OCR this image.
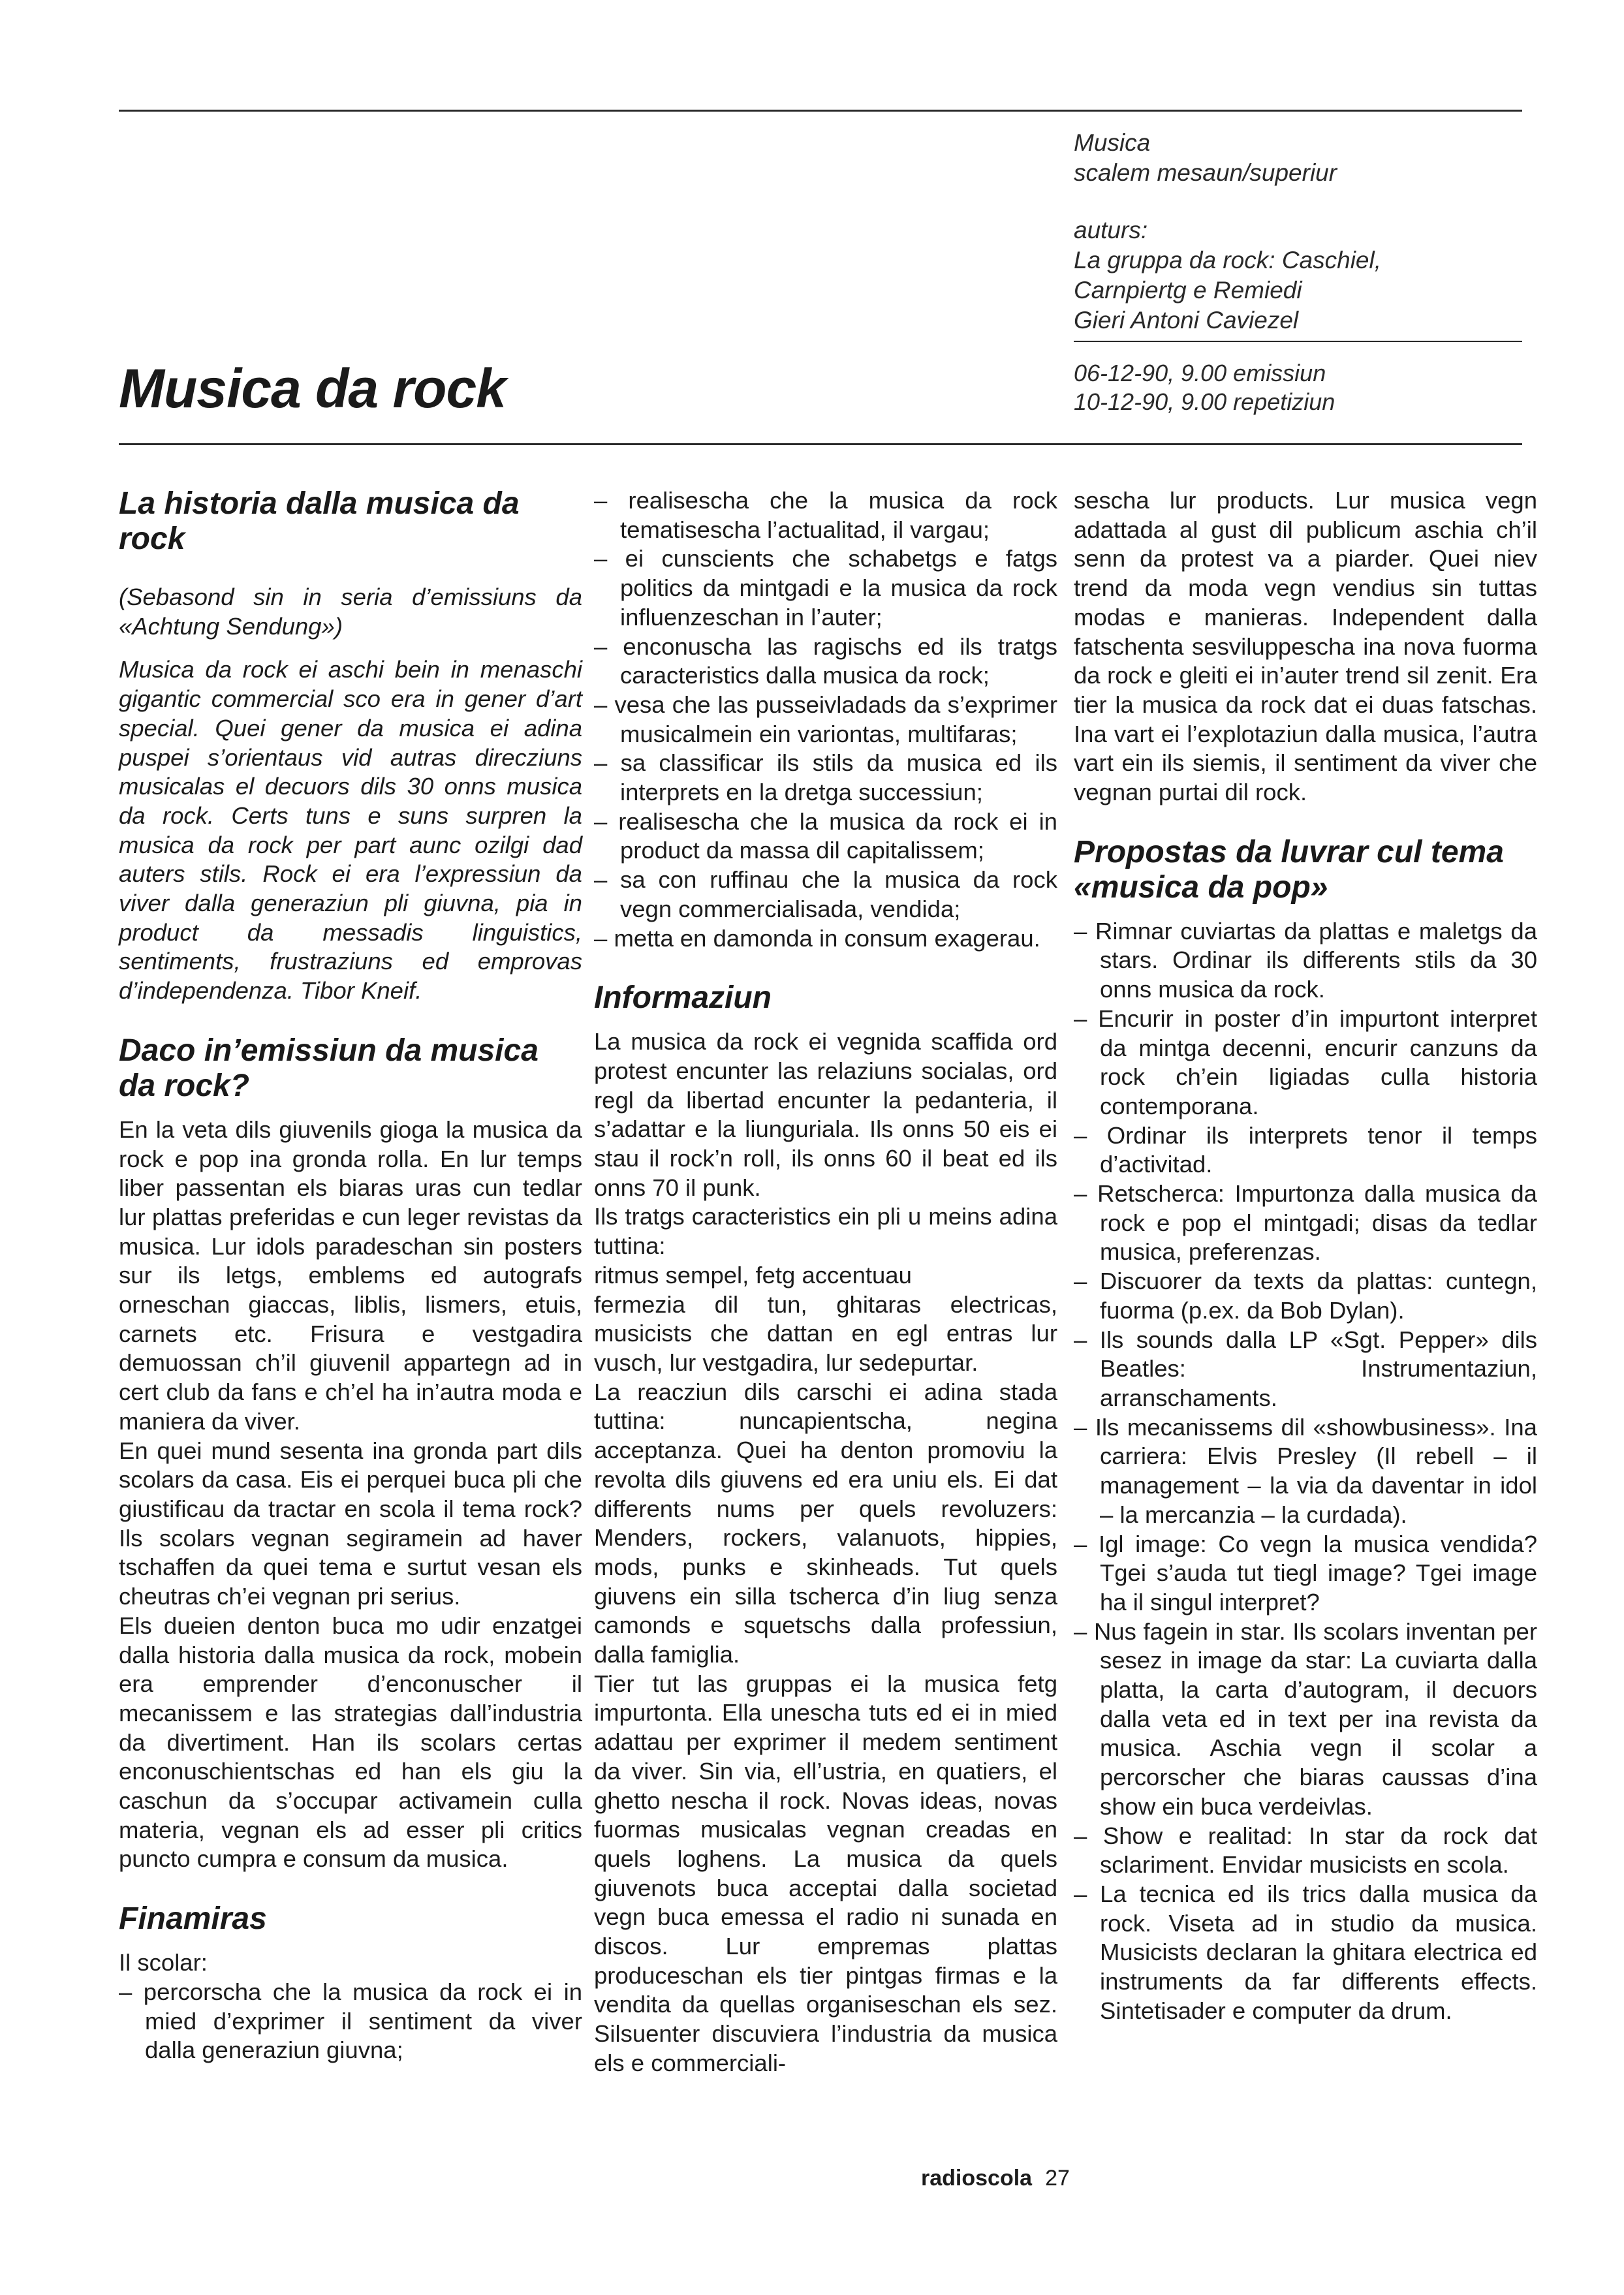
Musica
scalem mesaun/superiur
auturs:
La gruppa da rock: Caschiel,
Carnpiertg e Remiedi
Gieri Antoni Caviezel
06-12-90, 9.00 emissiun
10-12-90, 9.00 repetiziun
Musica da rock
La historia dalla musica da rock

(Sebasond sin in seria d’emissiuns da «Achtung Sendung»)

Musica da rock ei aschi bein in menaschi gigantic commercial sco era in gener d’art special. Quei gener da musica ei adina puspei s’orientaus vid autras direcziuns musicalas el decuors dils 30 onns musica da rock. Certs tuns e suns surpren la musica da rock per part aunc ozilgi dad auters stils. Rock ei era l’expressiun da viver dalla generaziun pli giuvna, pia in product da messadis linguistics, sentiments, frustraziuns ed emprovas d’independenza. Tibor Kneif.

Daco in’emissiun da musica da rock?

En la veta dils giuvenils gioga la musica da rock e pop ina gronda rolla. En lur temps liber passentan els biaras uras cun tedlar lur plattas preferidas e cun leger revistas da musica. Lur idols paradeschan sin posters sur ils letgs, emblems ed autografs orneschan giaccas, liblis, lismers, etuis, carnets etc. Frisura e vestgadira demuossan ch’il giuvenil appartegn ad in cert club da fans e ch’el ha in’autra moda e maniera da viver.

En quei mund sesenta ina gronda part dils scolars da casa. Eis ei perquei buca pli che giustificau da tractar en scola il tema rock? Ils scolars vegnan segiramein ad haver tschaffen da quei tema e surtut vesan els cheutras ch’ei vegnan pri serius.

Els dueien denton buca mo udir enzatgei dalla historia dalla musica da rock, mobein era emprender d’enconuscher il mecanissem e las strategias dall’industria da divertiment. Han ils scolars certas enconuschientschas ed han els giu la caschun da s’occupar activamein culla materia, vegnan els ad esser pli critics puncto cumpra e consum da musica.

Finamiras

Il scolar:

– percorscha che la musica da rock ei in mied d’exprimer il sentiment da viver dalla generaziun giuvna;
– realisescha che la musica da rock tematisescha l’actualitad, il vargau;
– ei cunscients che schabetgs e fatgs politics da mintgadi e la musica da rock influenzeschan in l’auter;
– enconuscha las ragischs ed ils tratgs caracteristics dalla musica da rock;
– vesa che las pusseivladads da s’exprimer musicalmein ein variontas, multifaras;
– sa classificar ils stils da musica ed ils interprets en la dretga successiun;
– realisescha che la musica da rock ei in product da massa dil capitalissem;
– sa con ruffinau che la musica da rock vegn commercialisada, vendida;
– metta en damonda in consum exagerau.
Informaziun

La musica da rock ei vegnida scaffida ord protest encunter las relaziuns socialas, ord regl da libertad encunter la pedanteria, il s’adattar e la liunguriala. Ils onns 50 eis ei stau il rock’n roll, ils onns 60 il beat ed ils onns 70 il punk.

Ils tratgs caracteristics ein pli u meins adina tuttina:

ritmus sempel, fetg accentuau

fermezia dil tun, ghitaras electricas, musicists che dattan en egl entras lur vusch, lur vestgadira, lur sedepurtar.

La reacziun dils carschi ei adina stada tuttina: nuncapientscha, negina acceptanza. Quei ha denton promoviu la revolta dils giuvens ed era uniu els. Ei dat differents nums per quels revoluzers: Menders, rockers, valanuots, hippies, mods, punks e skinheads. Tut quels giuvens ein silla tscherca d’in liug senza camonds e squetschs dalla professiun, dalla famiglia.

Tier tut las gruppas ei la musica fetg impurtonta. Ella unescha tuts ed ei in mied adattau per exprimer il medem sentiment da viver. Sin via, ell’ustria, en quatiers, el ghetto nescha il rock. Novas ideas, novas fuormas musicalas vegnan creadas en quels loghens. La musica da quels giuvenots buca acceptai dalla societad vegn buca emessa el radio ni sunada en discos. Lur empremas plattas produceschan els tier pintgas firmas e la vendita da quellas organiseschan els sez. Silsuenter discuviera l’industria da musica els e commerciali-

sescha lur products. Lur musica vegn adattada al gust dil publicum aschia ch’il senn da protest va a piarder. Quei niev trend da moda vegn vendius sin tuttas modas e manieras. Independent dalla fatschenta sesviluppescha ina nova fuorma da rock e gleiti ei in’auter trend sil zenit. Era tier la musica da rock dat ei duas fatschas. Ina vart ei l’explotaziun dalla musica, l’autra vart ein ils siemis, il sentiment da viver che vegnan purtai dil rock.

Propostas da luvrar cul tema «musica da pop»
– Rimnar cuviartas da plattas e maletgs da stars. Ordinar ils differents stils da 30 onns musica da rock.
– Encurir in poster d’in impurtont interpret da mintga decenni, encurir canzuns da rock ch’ein ligiadas culla historia contemporana.
– Ordinar ils interprets tenor il temps d’activitad.
– Retscherca: Impurtonza dalla musica da rock e pop el mintgadi; disas da tedlar musica, preferenzas.
– Discuorer da texts da plattas: cuntegn, fuorma (p.ex. da Bob Dylan).
– Ils sounds dalla LP «Sgt. Pepper» dils Beatles: Instrumentaziun, arranschaments.
– Ils mecanissems dil «showbusiness». Ina carriera: Elvis Presley (Il rebell – il management – la via da daventar in idol – la mercanzia – la curdada).
– Igl image: Co vegn la musica vendida? Tgei s’auda tut tiegl image? Tgei image ha il singul interpret?
– Nus fagein in star. Ils scolars inventan per sesez in image da star: La cuviarta dalla platta, la carta d’autogram, il decuors dalla veta ed in text per ina revista da musica. Aschia vegn il scolar a percorscher che biaras caussas d’ina show ein buca verdeivlas.
– Show e realitad: In star da rock dat sclariment. Envidar musicists en scola.
– La tecnica ed ils trics dalla musica da rock. Viseta ad in studio da musica. Musicists declaran la ghitara electrica ed instruments da far differents effects. Sintetisader e computer da drum.
radioscola 27
